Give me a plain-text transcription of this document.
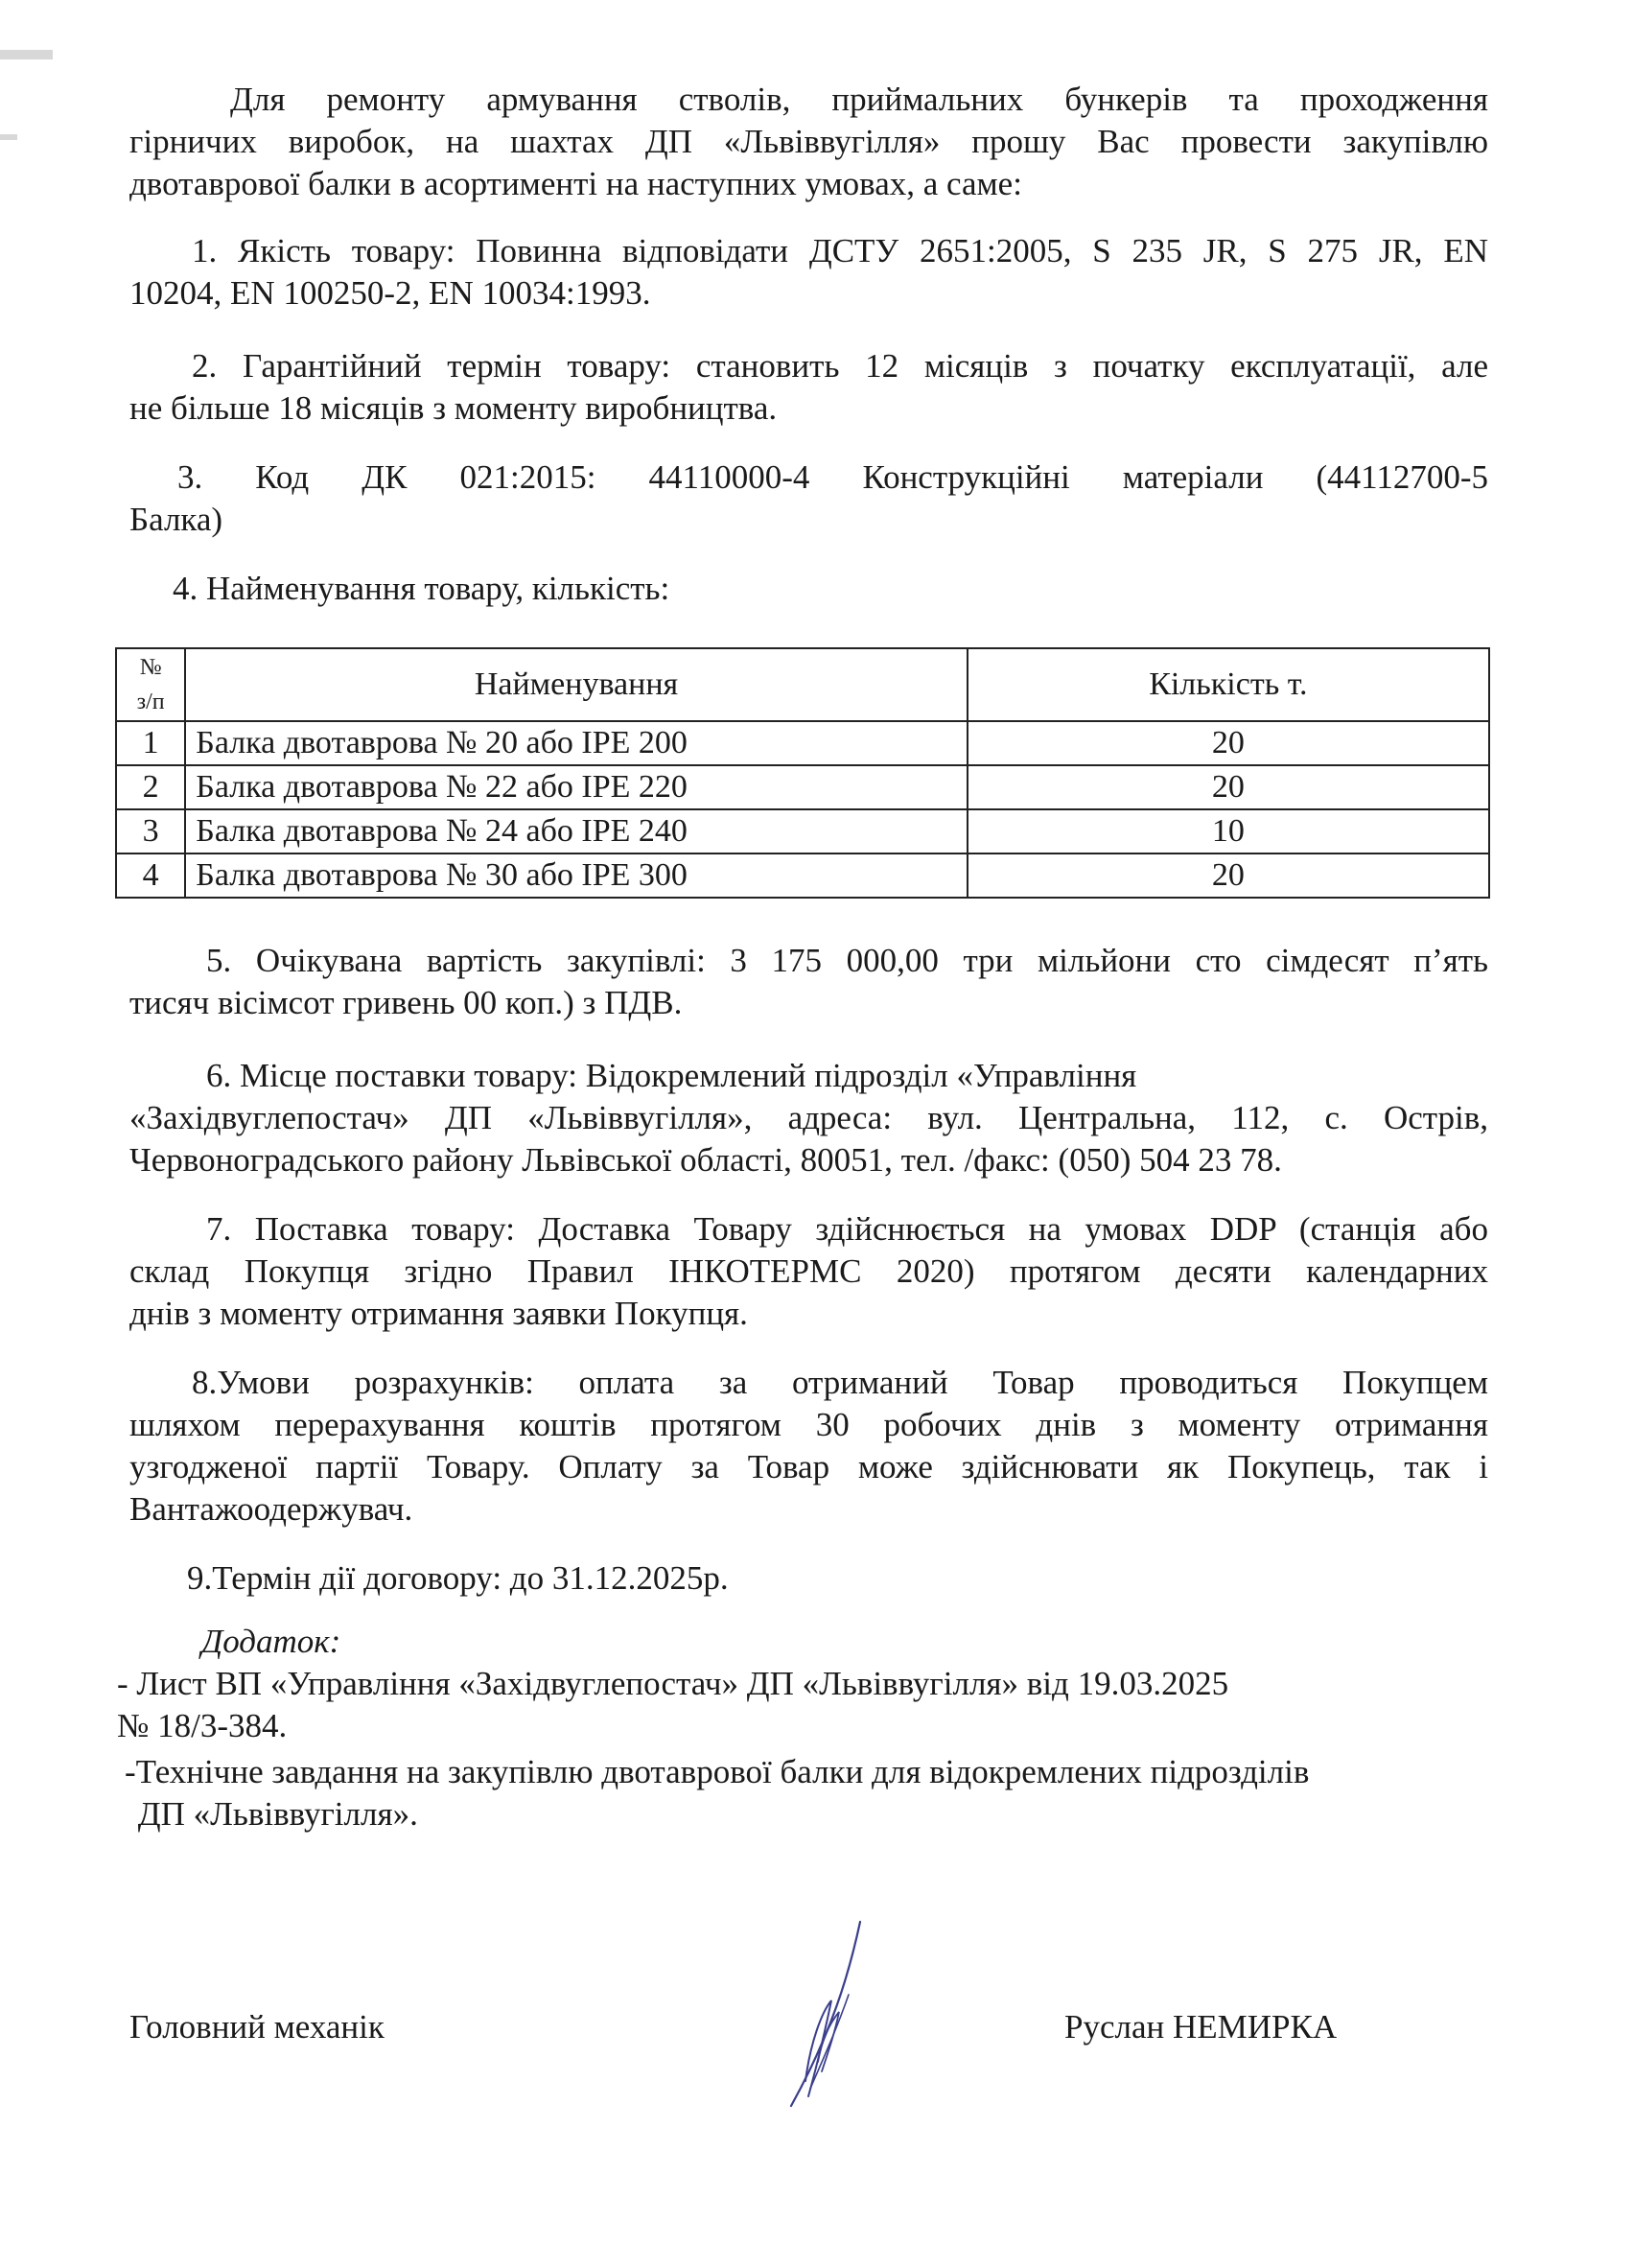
Для ремонту армування стволів, приймальних бункерів та проходження
гірничих виробок, на шахтах ДП «Львіввугілля» прошу Вас провести закупівлю
двотаврової балки в асортименті на наступних умовах, а саме:
1. Якість товару: Повинна відповідати ДСТУ 2651:2005, S 235 JR, S 275 JR, EN
10204, EN 100250-2, EN 10034:1993.
2. Гарантійний термін товару: становить 12 місяців з початку експлуатації, але
не більше 18 місяців з моменту виробництва.
3. Код ДК 021:2015: 44110000-4 Конструкційні матеріали (44112700-5
Балка)
4. Найменування товару, кількість:
№
з/п	Найменування	Кількість т.
1	Балка двотаврова № 20 або IPE 200	20
2	Балка двотаврова № 22 або IPE 220	20
3	Балка двотаврова № 24 або IPE 240	10
4	Балка двотаврова № 30 або IPE 300	20
5. Очікувана вартість закупівлі: 3 175 000,00 три мільйони сто сімдесят п’ять
тисяч вісімсот гривень 00 коп.) з ПДВ.
6. Місце поставки товару: Відокремлений підрозділ «Управління
«Західвуглепостач» ДП «Львіввугілля», адреса: вул. Центральна, 112, с. Острів,
Червоноградського району Львівської області, 80051, тел. /факс: (050) 504 23 78.
7. Поставка товару: Доставка Товару здійснюється на умовах DDP (станція або
склад Покупця згідно Правил ІНКОТЕРМС 2020) протягом десяти календарних
днів з моменту отримання заявки Покупця.
8.Умови розрахунків: оплата за отриманий Товар проводиться Покупцем
шляхом перерахування коштів протягом 30 робочих днів з моменту отримання
узгодженої партії Товару. Оплату за Товар може здійснювати як Покупець, так і
Вантажоодержувач.
9.Термін дії договору: до 31.12.2025р.
Додаток:
- Лист ВП «Управління «Західвуглепостач» ДП «Львіввугілля» від 19.03.2025
№ 18/3-384.
-Технічне завдання на закупівлю двотаврової балки для відокремлених підрозділів
ДП «Львіввугілля».
Головний механік	Руслан НЕМИРКА
